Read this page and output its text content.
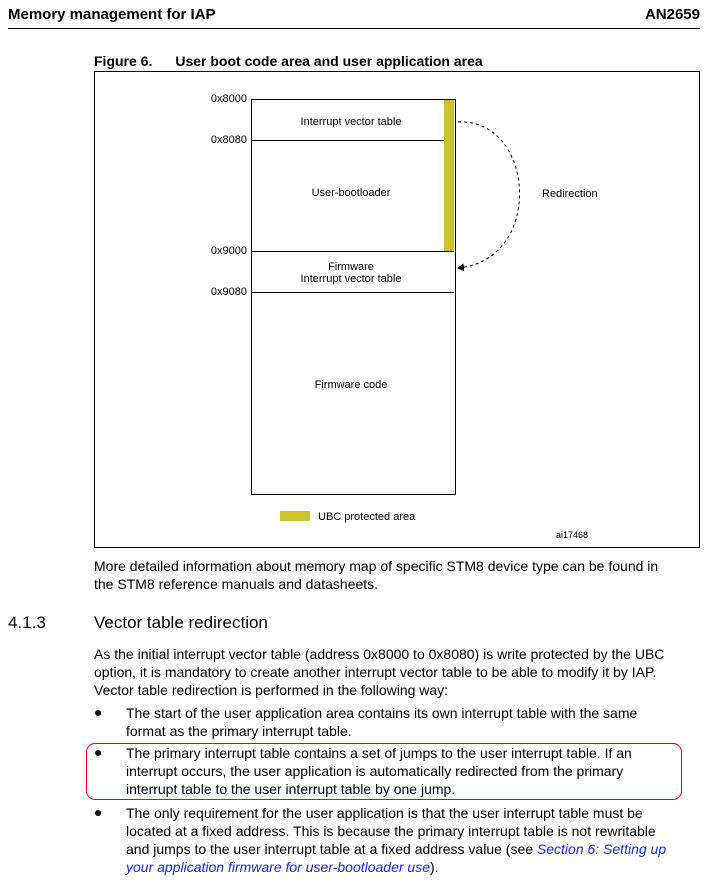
Memory management for IAP	AN2659
Figure 6. User boot code area and user application area
0x8000
0x8080
0x9000
0x9080
Interrupt vector table
User-bootloader
Firmware
Interrupt vector table
Firmware code
Redirection
UBC protected area
ai17468
More detailed information about memory map of specific STM8 device type can be found in
the STM8 reference manuals and datasheets.
4.1.3	Vector table redirection
As the initial interrupt vector table (address 0x8000 to 0x8080) is write protected by the UBC
option, it is mandatory to create another interrupt vector table to be able to modify it by IAP.
Vector table redirection is performed in the following way:
● The start of the user application area contains its own interrupt table with the same
format as the primary interrupt table.
● The primary interrupt table contains a set of jumps to the user interrupt table. If an
interrupt occurs, the user application is automatically redirected from the primary
interrupt table to the user interrupt table by one jump.
● The only requirement for the user application is that the user interrupt table must be
located at a fixed address. This is because the primary interrupt table is not rewritable
and jumps to the user interrupt table at a fixed address value (see Section 6: Setting up
your application firmware for user-bootloader use).
